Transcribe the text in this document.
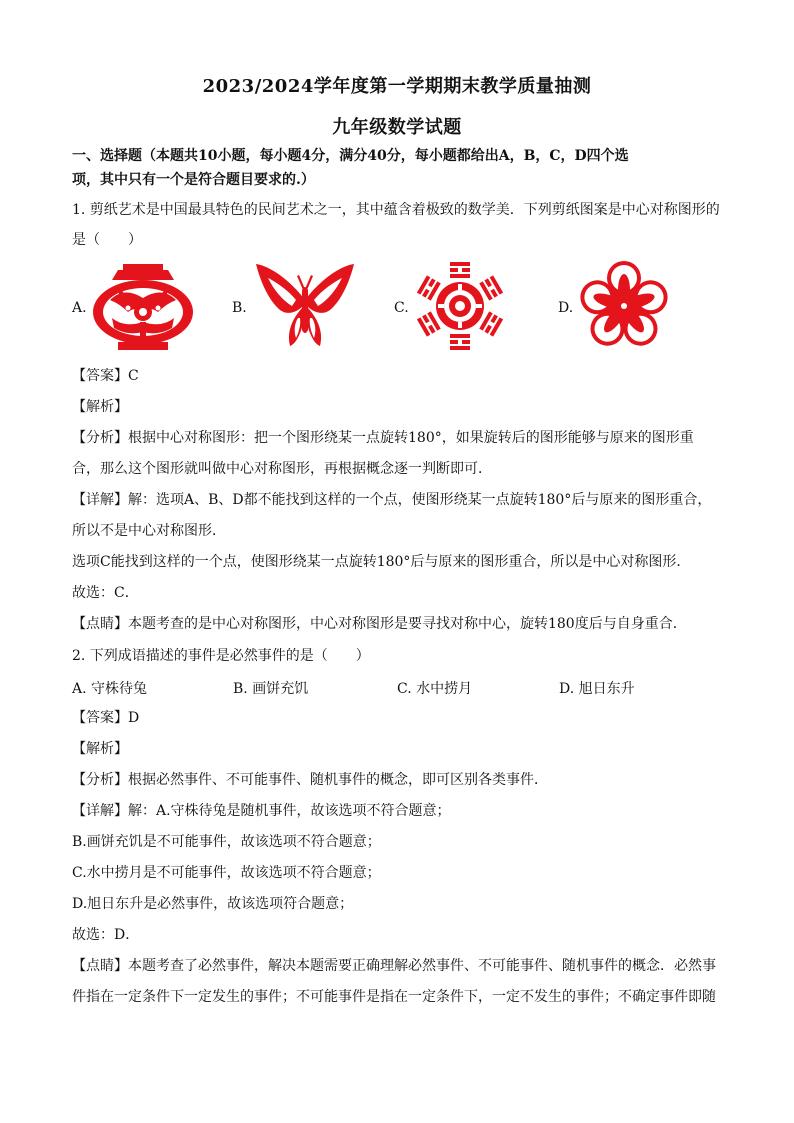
2023/2024学年度第一学期期末教学质量抽测
九年级数学试题
一、选择题（本题共10小题，每小题4分，满分40分，每小题都给出A，B，C，D四个选
项，其中只有一个是符合题目要求的.）
1. 剪纸艺术是中国最具特色的民间艺术之一，其中蕴含着极致的数学美．下列剪纸图案是中心对称图形的
是（　　）
A.	B.	C.	D.
【答案】C
【解析】
【分析】根据中心对称图形：把一个图形绕某一点旋转180°，如果旋转后的图形能够与原来的图形重
合，那么这个图形就叫做中心对称图形，再根据概念逐一判断即可．
【详解】解：选项A、B、D都不能找到这样的一个点，使图形绕某一点旋转180°后与原来的图形重合，
所以不是中心对称图形．
选项C能找到这样的一个点，使图形绕某一点旋转180°后与原来的图形重合，所以是中心对称图形．
故选：C．
【点睛】本题考查的是中心对称图形，中心对称图形是要寻找对称中心，旋转180度后与自身重合．
2. 下列成语描述的事件是必然事件的是（　　）
A. 守株待兔	B. 画饼充饥	C. 水中捞月	D. 旭日东升
【答案】D
【解析】
【分析】根据必然事件、不可能事件、随机事件的概念，即可区别各类事件．
【详解】解：A.守株待兔是随机事件，故该选项不符合题意；
B.画饼充饥是不可能事件，故该选项不符合题意；
C.水中捞月是不可能事件，故该选项不符合题意；
D.旭日东升是必然事件，故该选项符合题意；
故选：D．
【点睛】本题考查了必然事件，解决本题需要正确理解必然事件、不可能事件、随机事件的概念．必然事
件指在一定条件下一定发生的事件；不可能事件是指在一定条件下，一定不发生的事件；不确定事件即随
